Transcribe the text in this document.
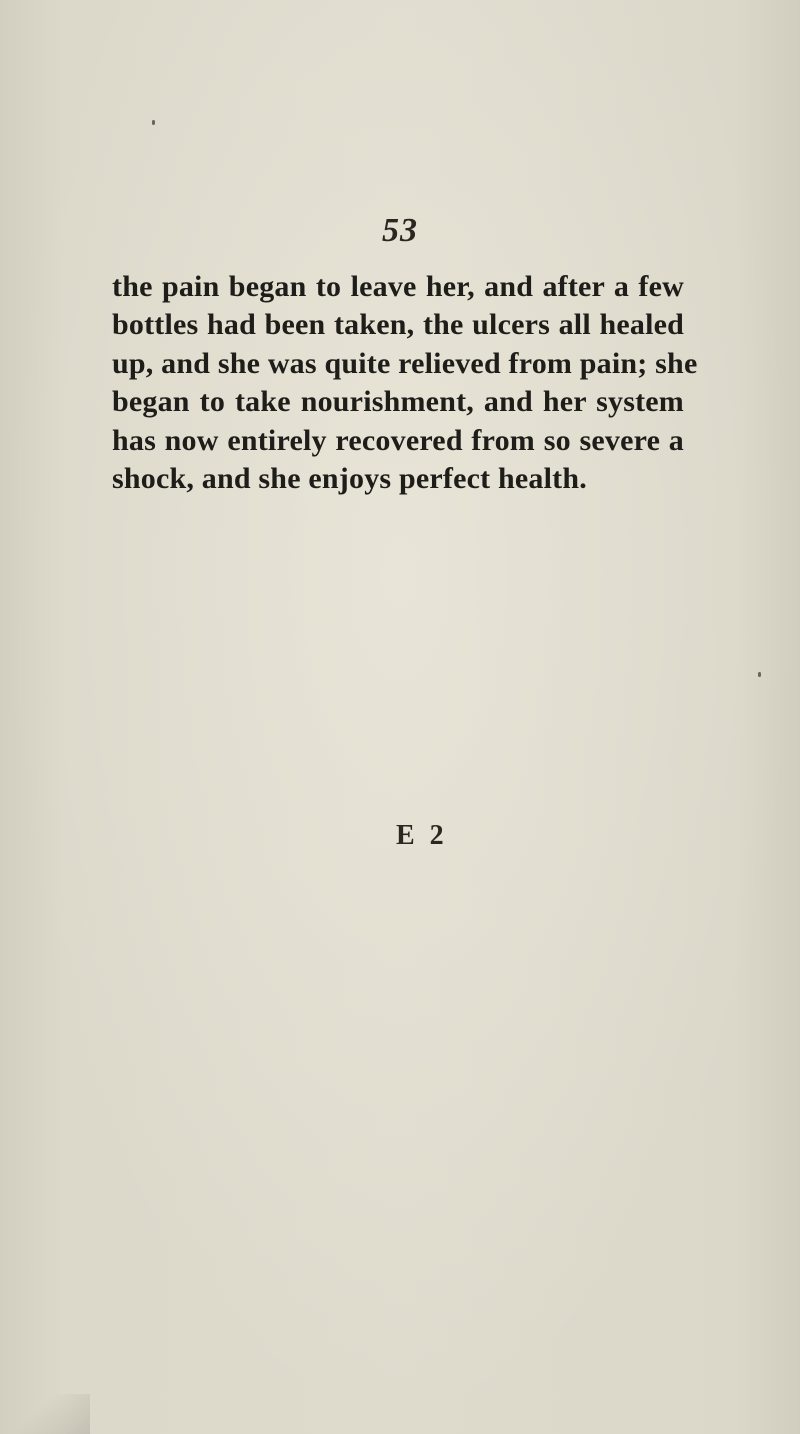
53
the pain began to leave her, and after a few
bottles had been taken, the ulcers all healed
up, and she was quite relieved from pain; she
began to take nourishment, and her system
has now entirely recovered from so severe a
shock, and she enjoys perfect health.
E 2
